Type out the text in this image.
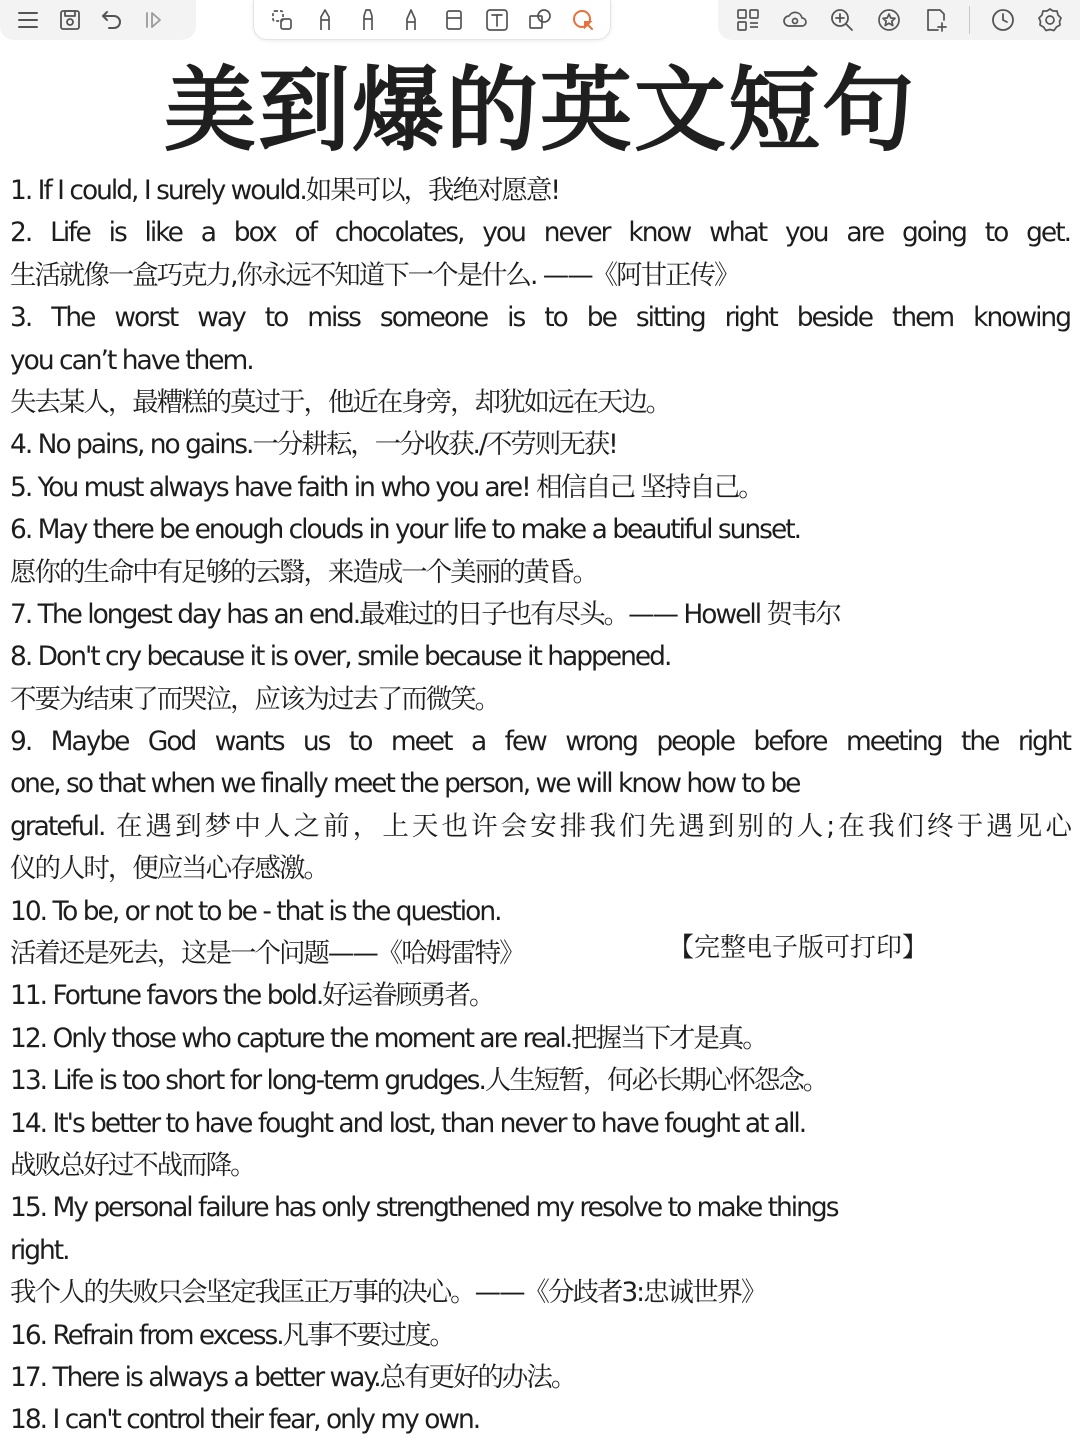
美到爆的英文短句
1. If I could, I surely would.如果可以，我绝对愿意!
2. Life is like a box of chocolates, you never know what you are going to get.
生活就像一盒巧克力,你永远不知道下一个是什么. ——《阿甘正传》
3. The worst way to miss someone is to be sitting right beside them knowing
you can’t have them.
失去某人，最糟糕的莫过于，他近在身旁，却犹如远在天边。
4. No pains, no gains.一分耕耘，一分收获./不劳则无获!
5. You must always have faith in who you are! 相信自己 坚持自己。
6. May there be enough clouds in your life to make a beautiful sunset.
愿你的生命中有足够的云翳，来造成一个美丽的黄昏。
7. The longest day has an end.最难过的日子也有尽头。—— Howell 贺韦尔
8. Don't cry because it is over, smile because it happened.
不要为结束了而哭泣，应该为过去了而微笑。
9. Maybe God wants us to meet a few wrong people before meeting the right
one, so that when we finally meet the person, we will know how to be
grateful. 在遇到梦中人之前，上天也许会安排我们先遇到别的人;在我们终于遇见心
仪的人时，便应当心存感激。
10. To be, or not to be - that is the question.
活着还是死去，这是一个问题——《哈姆雷特》
11. Fortune favors the bold.好运眷顾勇者。
12. Only those who capture the moment are real.把握当下才是真。
13. Life is too short for long-term grudges.人生短暂，何必长期心怀怨念。
14. It's better to have fought and lost, than never to have fought at all.
战败总好过不战而降。
15. My personal failure has only strengthened my resolve to make things
right.
我个人的失败只会坚定我匡正万事的决心。——《分歧者3:忠诚世界》
16. Refrain from excess.凡事不要过度。
17. There is always a better way.总有更好的办法。
18. I can't control their fear, only my own.
【完整电子版可打印】
